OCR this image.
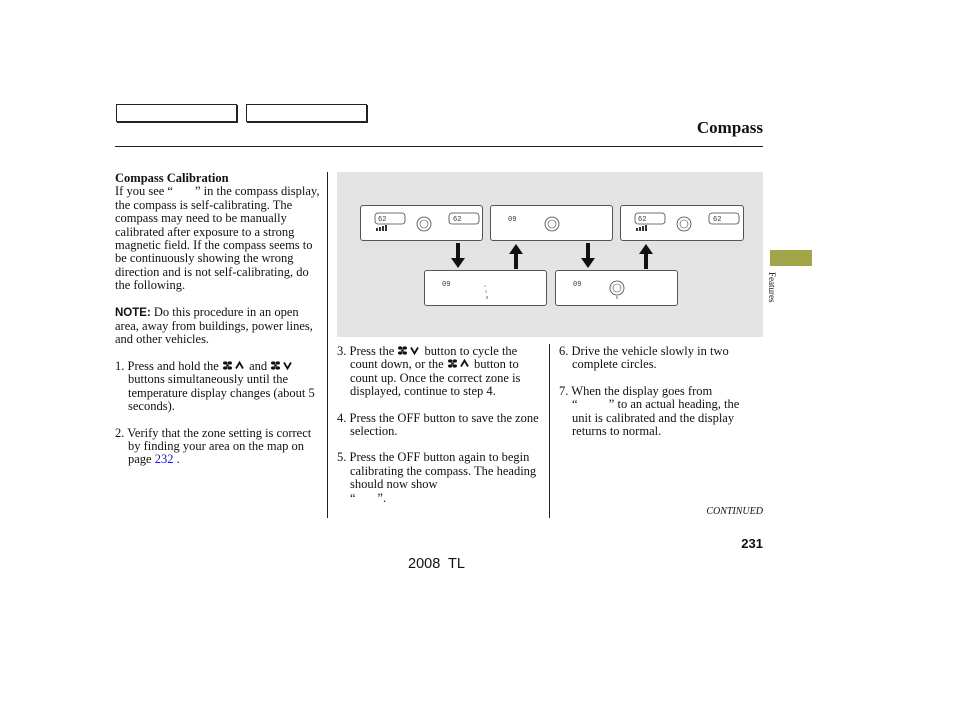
Compass

Compass Calibration

If you see “ ” in the compass display, the compass is self-calibrating. The compass may need to be manually calibrated after exposure to a strong magnetic field. If the compass seems to be continuously showing the wrong direction and is not self-calibrating, do the following.

NOTE: Do this procedure in an open area, away from buildings, power lines, and other vehicles.

1. Press and hold the  and  buttons simultaneously until the temperature display changes (about 5 seconds).

2. Verify that the zone setting is correct by finding your area on the map on page 232 .

62	62	09	62	62
09	09

3. Press the  button to cycle the count down, or the  button to count up. Once the correct zone is displayed, continue to step 4.

4. Press the OFF button to save the zone selection.

5. Press the OFF button again to begin calibrating the compass. The heading should now show
“       ”.

6. Drive the vehicle slowly in two complete circles.

7. When the display goes from
“          ” to an actual heading, the unit is calibrated and the display returns to normal.

Features
CONTINUED
231
2008  TL
